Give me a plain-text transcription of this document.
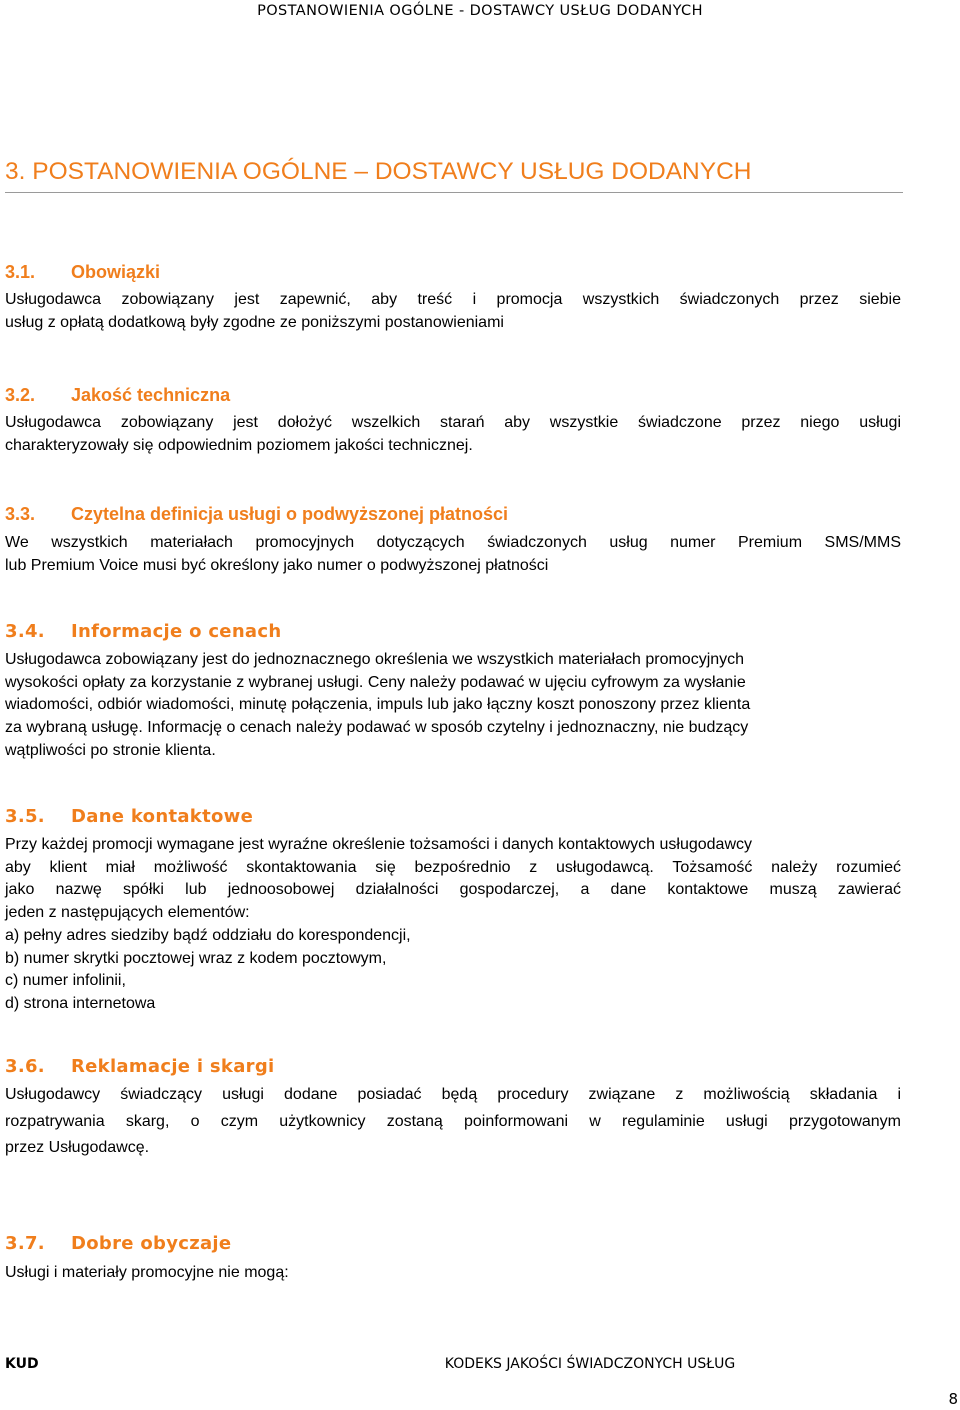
POSTANOWIENIA OGÓLNE - DOSTAWCY USŁUG DODANYCH
3. POSTANOWIENIA OGÓLNE – DOSTAWCY USŁUG DODANYCH
3.1. Obowiązki
Usługodawca zobowiązany jest zapewnić, aby treść i promocja wszystkich świadczonych przez siebie
usług z opłatą dodatkową były zgodne ze poniższymi postanowieniami
3.2. Jakość techniczna
Usługodawca zobowiązany jest dołożyć wszelkich starań aby wszystkie świadczone przez niego usługi
charakteryzowały się odpowiednim poziomem jakości technicznej.
3.3. Czytelna definicja usługi o podwyższonej płatności
We wszystkich materiałach promocyjnych dotyczących świadczonych usług numer Premium SMS/MMS
lub Premium Voice musi być określony jako numer o podwyższonej płatności
3.4. Informacje o cenach
Usługodawca zobowiązany jest do jednoznacznego określenia we wszystkich materiałach promocyjnych
wysokości opłaty za korzystanie z wybranej usługi. Ceny należy podawać w ujęciu cyfrowym za wysłanie
wiadomości, odbiór wiadomości, minutę połączenia, impuls lub jako łączny koszt ponoszony przez klienta
za wybraną usługę. Informację o cenach należy podawać w sposób czytelny i jednoznaczny, nie budzący
wątpliwości po stronie klienta.
3.5. Dane kontaktowe
Przy każdej promocji wymagane jest wyraźne określenie tożsamości i danych kontaktowych usługodawcy
aby klient miał możliwość skontaktowania się bezpośrednio z usługodawcą. Tożsamość należy rozumieć
jako nazwę spółki lub jednoosobowej działalności gospodarczej, a dane kontaktowe muszą zawierać
jeden z następujących elementów:
a) pełny adres siedziby bądź oddziału do korespondencji,
b) numer skrytki pocztowej wraz z kodem pocztowym,
c) numer infolinii,
d) strona internetowa
3.6. Reklamacje i skargi
Usługodawcy świadczący usługi dodane posiadać będą procedury związane z możliwością składania i
rozpatrywania skarg, o czym użytkownicy zostaną poinformowani w regulaminie usługi przygotowanym
przez Usługodawcę.
3.7. Dobre obyczaje
Usługi i materiały promocyjne nie mogą:
KUD	KODEKS JAKOŚCI ŚWIADCZONYCH USŁUG
8
